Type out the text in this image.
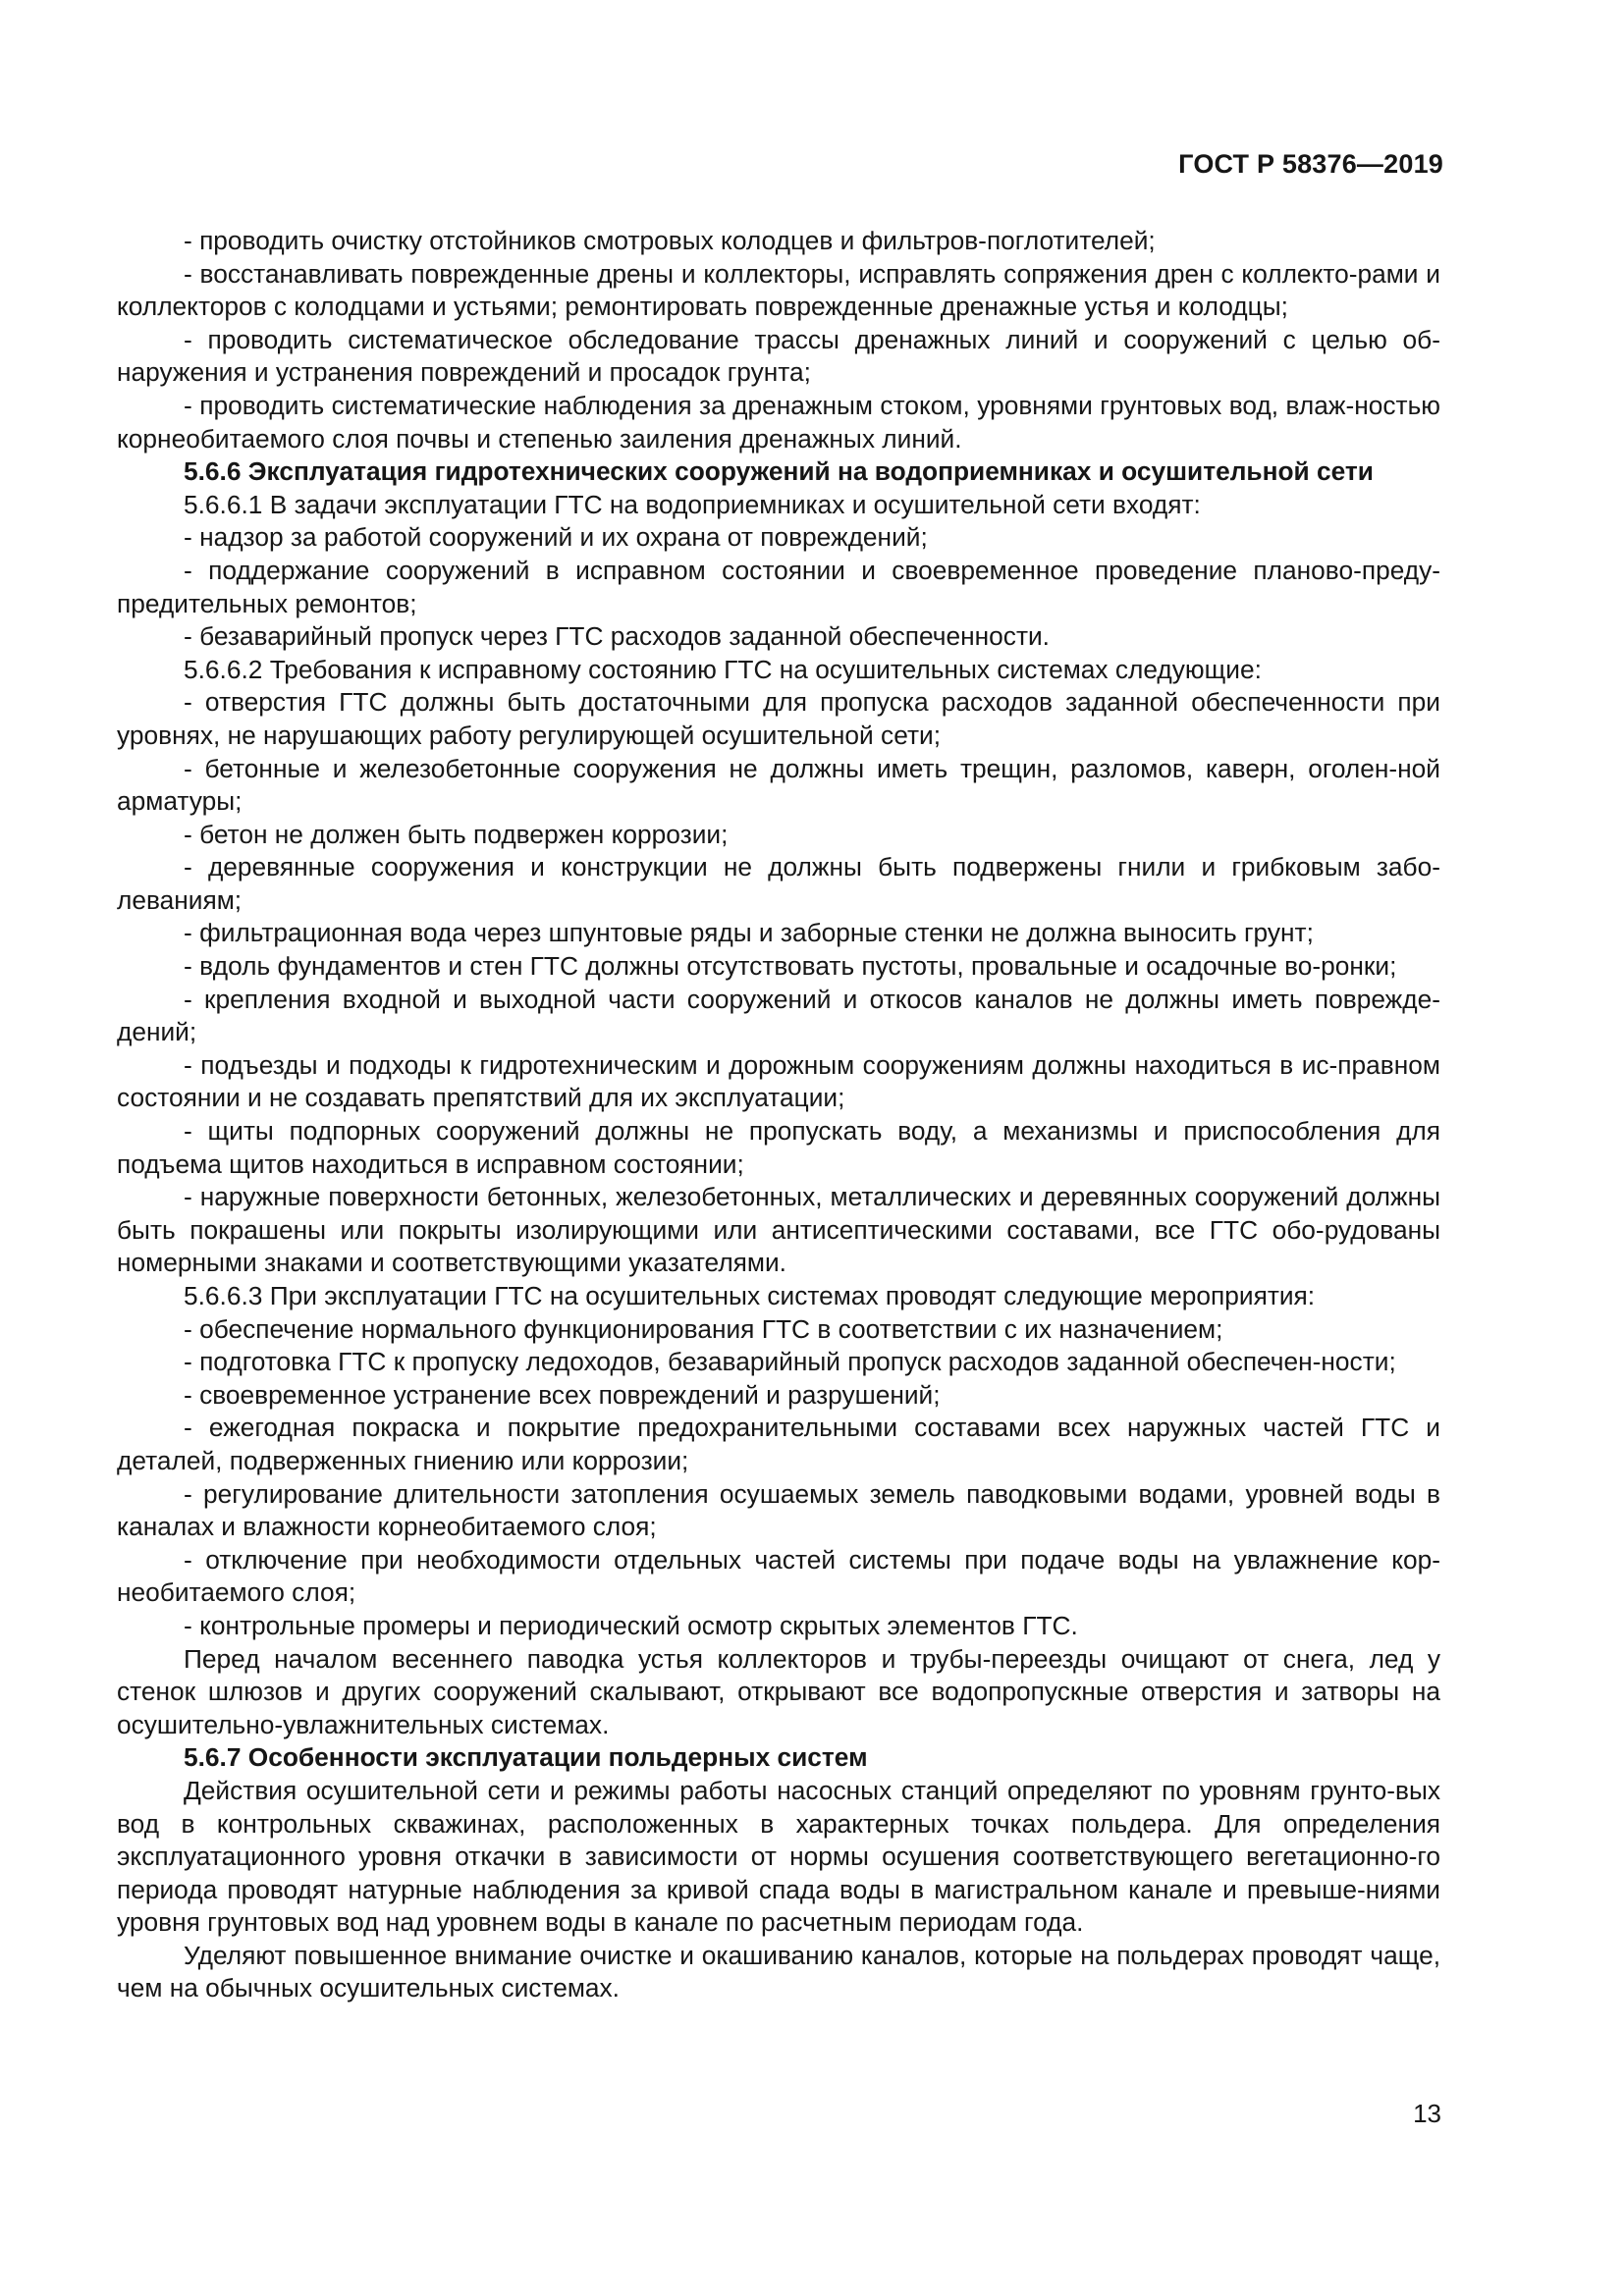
ГОСТ Р 58376—2019

- проводить очистку отстойников смотровых колодцев и фильтров-поглотителей;

- восстанавливать поврежденные дрены и коллекторы, исправлять сопряжения дрен с коллекто-рами и коллекторов с колодцами и устьями; ремонтировать поврежденные дренажные устья и колодцы;

- проводить систематическое обследование трассы дренажных линий и сооружений с целью об-наружения и устранения повреждений и просадок грунта;

- проводить систематические наблюдения за дренажным стоком, уровнями грунтовых вод, влаж-ностью корнеобитаемого слоя почвы и степенью заиления дренажных линий.

5.6.6 Эксплуатация гидротехнических сооружений на водоприемниках и осушительной сети

5.6.6.1 В задачи эксплуатации ГТС на водоприемниках и осушительной сети входят:

- надзор за работой сооружений и их охрана от повреждений;

- поддержание сооружений в исправном состоянии и своевременное проведение планово-преду-предительных ремонтов;

- безаварийный пропуск через ГТС расходов заданной обеспеченности.

5.6.6.2 Требования к исправному состоянию ГТС на осушительных системах следующие:

- отверстия ГТС должны быть достаточными для пропуска расходов заданной обеспеченности при уровнях, не нарушающих работу регулирующей осушительной сети;

- бетонные и железобетонные сооружения не должны иметь трещин, разломов, каверн, оголен-ной арматуры;

- бетон не должен быть подвержен коррозии;

- деревянные сооружения и конструкции не должны быть подвержены гнили и грибковым забо-леваниям;

- фильтрационная вода через шпунтовые ряды и заборные стенки не должна выносить грунт;

- вдоль фундаментов и стен ГТС должны отсутствовать пустоты, провальные и осадочные во-ронки;

- крепления входной и выходной части сооружений и откосов каналов не должны иметь поврежде-дений;

- подъезды и подходы к гидротехническим и дорожным сооружениям должны находиться в ис-правном состоянии и не создавать препятствий для их эксплуатации;

- щиты подпорных сооружений должны не пропускать воду, а механизмы и приспособления для подъема щитов находиться в исправном состоянии;

- наружные поверхности бетонных, железобетонных, металлических и деревянных сооружений должны быть покрашены или покрыты изолирующими или антисептическими составами, все ГТС обо-рудованы номерными знаками и соответствующими указателями.

5.6.6.3 При эксплуатации ГТС на осушительных системах проводят следующие мероприятия:

- обеспечение нормального функционирования ГТС в соответствии с их назначением;

- подготовка ГТС к пропуску ледоходов, безаварийный пропуск расходов заданной обеспечен-ности;

- своевременное устранение всех повреждений и разрушений;

- ежегодная покраска и покрытие предохранительными составами всех наружных частей ГТС и деталей, подверженных гниению или коррозии;

- регулирование длительности затопления осушаемых земель паводковыми водами, уровней воды в каналах и влажности корнеобитаемого слоя;

- отключение при необходимости отдельных частей системы при подаче воды на увлажнение кор-необитаемого слоя;

- контрольные промеры и периодический осмотр скрытых элементов ГТС.

Перед началом весеннего паводка устья коллекторов и трубы-переезды очищают от снега, лед у стенок шлюзов и других сооружений скалывают, открывают все водопропускные отверстия и затворы на осушительно-увлажнительных системах.

5.6.7 Особенности эксплуатации польдерных систем

Действия осушительной сети и режимы работы насосных станций определяют по уровням грунто-вых вод в контрольных скважинах, расположенных в характерных точках польдера. Для определения эксплуатационного уровня откачки в зависимости от нормы осушения соответствующего вегетационно-го периода проводят натурные наблюдения за кривой спада воды в магистральном канале и превыше-ниями уровня грунтовых вод над уровнем воды в канале по расчетным периодам года.

Уделяют повышенное внимание очистке и окашиванию каналов, которые на польдерах проводят чаще, чем на обычных осушительных системах.

13
